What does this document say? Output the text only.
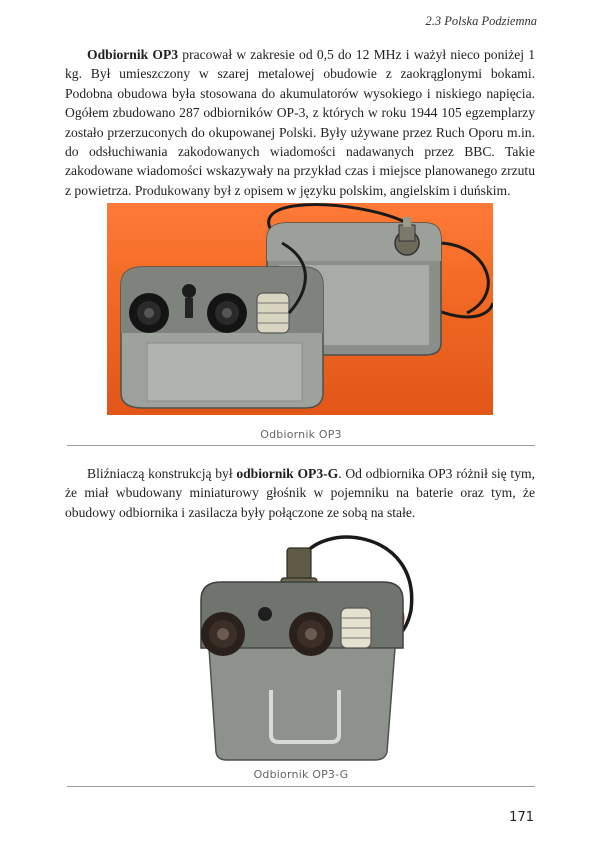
2.3 Polska Podziemna

Odbiornik OP3 pracował w zakresie od 0,5 do 12 MHz i ważył nieco poniżej 1 kg. Był umieszczony w szarej metalowej obudowie z zaokrąglonymi bokami. Podobna obudowa była stosowana do akumulatorów wysokiego i niskiego napięcia. Ogółem zbudowano 287 odbiorników OP-3, z których w roku 1944 105 egzemplarzy zostało przerzuconych do okupowanej Polski. Były używane przez Ruch Oporu m.in. do odsłuchiwania zakodowanych wiadomości nadawanych przez BBC. Takie zakodowane wiadomości wskazywały na przykład czas i miejsce planowanego zrzutu z powietrza. Produkowany był z opisem w języku polskim, angielskim i duńskim.

Odbiornik OP3

Bliźniaczą konstrukcją był odbiornik OP3-G. Od odbiornika OP3 różnił się tym, że miał wbudowany miniaturowy głośnik w pojemniku na baterie oraz tym, że obudowy odbiornika i zasilacza były połączone ze sobą na stałe.

Odbiornik OP3-G
171
